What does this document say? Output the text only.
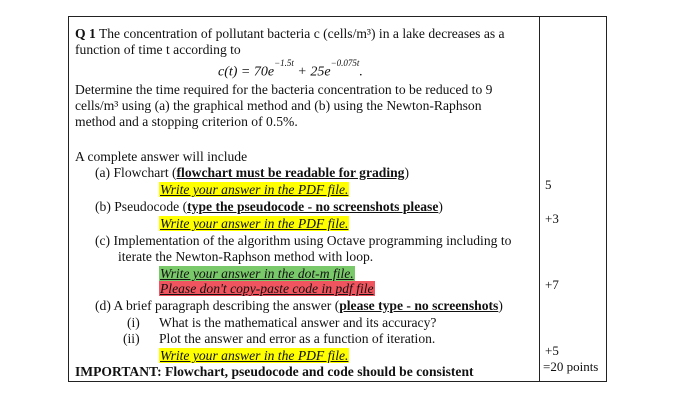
Q 1 The concentration of pollutant bacteria c (cells/m³) in a lake decreases as a
function of time t according to
$c(t) = 70e^{-1.5t} + 25e^{-0.075t}$.
Determine the time required for the bacteria concentration to be reduced to 9
cells/m³ using (a) the graphical method and (b) using the Newton-Raphson
method and a stopping criterion of 0.5%.
A complete answer will include
(a) Flowchart (flowchart must be readable for grading)
Write your answer in the PDF file.
(b) Pseudocode (type the pseudocode - no screenshots please)
Write your answer in the PDF file.
(c) Implementation of the algorithm using Octave programming including to
iterate the Newton-Raphson method with loop.
Write your answer in the dot-m file.
Please don't copy-paste code in pdf file
(d) A brief paragraph describing the answer (please type - no screenshots)
(i) What is the mathematical answer and its accuracy?
(ii) Plot the answer and error as a function of iteration.
Write your answer in the PDF file.
IMPORTANT: Flowchart, pseudocode and code should be consistent
5
+3
+7
+5
=20 points
